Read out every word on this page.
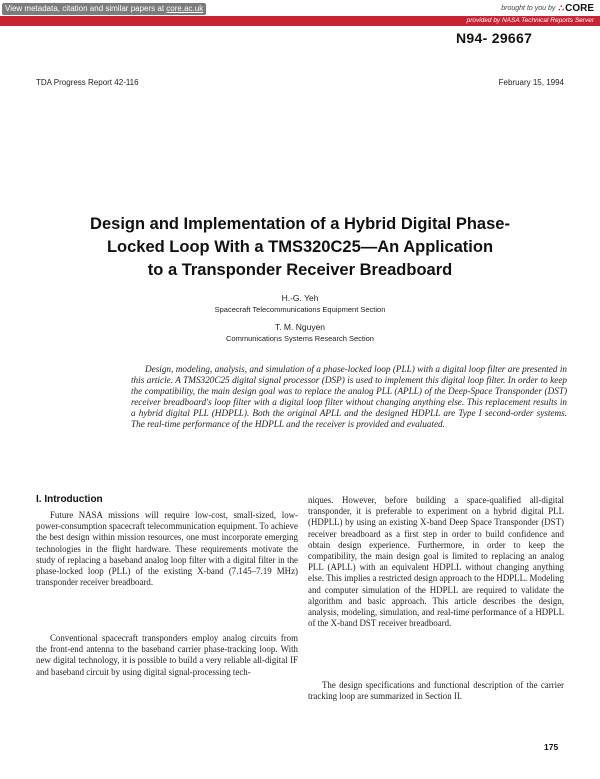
View metadata, citation and similar papers at core.ac.uk	brought to you by ∴ CORE
provided by NASA Technical Reports Server
N94- 29667
TDA Progress Report 42-116	February 15, 1994
Design and Implementation of a Hybrid Digital Phase-
Locked Loop With a TMS320C25—An Application
to a Transponder Receiver Breadboard
H.-G. Yeh
Spacecraft Telecommunications Equipment Section
T. M. Nguyen
Communications Systems Research Section

Design, modeling, analysis, and simulation of a phase-locked loop (PLL) with a digital loop filter are presented in this article. A TMS320C25 digital signal processor (DSP) is used to implement this digital loop filter. In order to keep the compatibility, the main design goal was to replace the analog PLL (APLL) of the Deep-Space Transponder (DST) receiver breadboard's loop filter with a digital loop filter without changing anything else. This replacement results in a hybrid digital PLL (HDPLL). Both the original APLL and the designed HDPLL are Type I second-order systems. The real-time performance of the HDPLL and the receiver is provided and evaluated.

I. Introduction

Future NASA missions will require low-cost, small-sized, low-power-consumption spacecraft telecommunication equipment. To achieve the best design within mission resources, one must incorporate emerging technologies in the flight hardware. These requirements motivate the study of replacing a baseband analog loop filter with a digital filter in the phase-locked loop (PLL) of the existing X-band (7.145–7.19 MHz) transponder receiver breadboard.

Conventional spacecraft transponders employ analog circuits from the front-end antenna to the baseband carrier phase-tracking loop. With new digital technology, it is possible to build a very reliable all-digital IF and baseband circuit by using digital signal-processing tech-

niques. However, before building a space-qualified all-digital transponder, it is preferable to experiment on a hybrid digital PLL (HDPLL) by using an existing X-band Deep Space Transponder (DST) receiver breadboard as a first step in order to build confidence and obtain design experience. Furthermore, in order to keep the compatibility, the main design goal is limited to replacing an analog PLL (APLL) with an equivalent HDPLL without changing anything else. This implies a restricted design approach to the HDPLL. Modeling and computer simulation of the HDPLL are required to validate the algorithm and basic approach. This article describes the design, analysis, modeling, simulation, and real-time performance of a HDPLL of the X-band DST receiver breadboard.

The design specifications and functional description of the carrier tracking loop are summarized in Section II.

175
